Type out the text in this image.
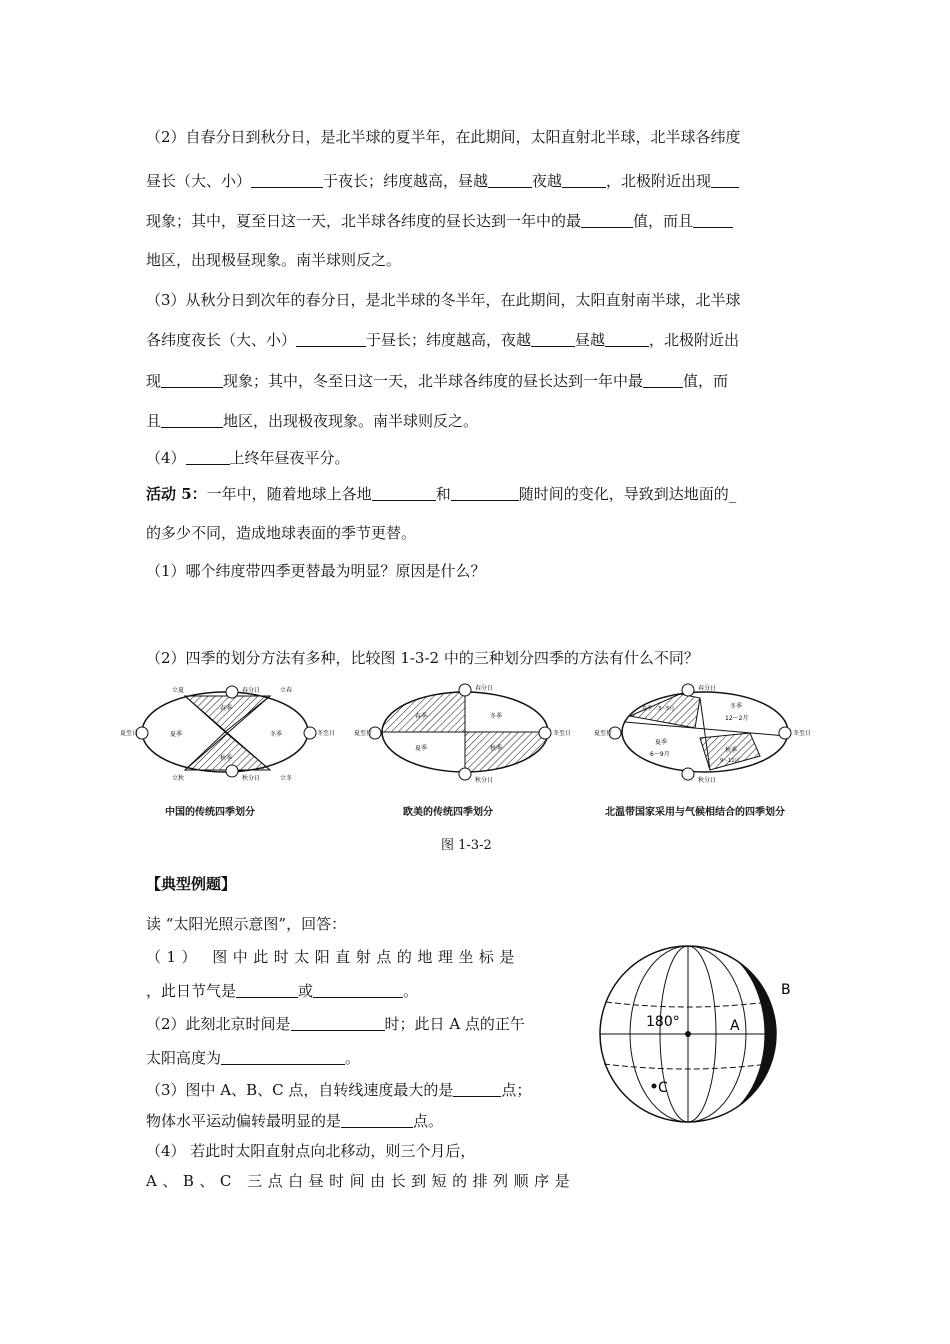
（2）自春分日到秋分日，是北半球的夏半年，在此期间，太阳直射北半球，北半球各纬度
昼长（大、小）	于夜长；纬度越高，昼越	夜越	，北极附近出现
现象；其中，夏至日这一天，北半球各纬度的昼长达到一年中的最	值，而且
地区，出现极昼现象。南半球则反之。
（3）从秋分日到次年的春分日，是北半球的冬半年，在此期间，太阳直射南半球，北半球
各纬度夜长（大、小）	于昼长；纬度越高，夜越	昼越	，北极附近出
现	现象；其中，冬至日这一天，北半球各纬度的昼长达到一年中最	值，而
且	地区，出现极夜现象。南半球则反之。
（4）	上终年昼夜平分。
活动 5：一年中，随着地球上各地	和	随时间的变化，导致到达地面的_
的多少不同，造成地球表面的季节更替。
（1）哪个纬度带四季更替最为明显？原因是什么？
（2）四季的划分方法有多种，比较图 1-3-2 中的三种划分四季的方法有什么不同？
春分日
秋分日
夏至日	冬至日
立夏
立秋
立春
立冬
春季
夏季
秋季
冬季
春分日
秋分日
夏至行	冬至日
春季
夏季	秋季
冬季
春分日
秋分日
夏至行	冬至日
春季 3～5月	冬季
12～2月
夏季
6～9月
秋季
9～11月
中国的传统四季划分	欧美的传统四季划分	北温带国家采用与气候相结合的四季划分
图 1-3-2
【典型例题】
读 “太阳光照示意图”，回答：
（1） 图中此时太阳直射点的地理坐标是
，此日节气是	或	。
（2）此刻北京时间是	时；此日 A 点的正午
太阳高度为	。
（3）图中 A、B、C 点，自转线速度最大的是	点；
物体水平运动偏转最明显的是	点。
（4） 若此时太阳直射点向北移动，则三个月后，
A、B、C 三点白昼时间由长到短的排列顺序是
180°	A
B
C
